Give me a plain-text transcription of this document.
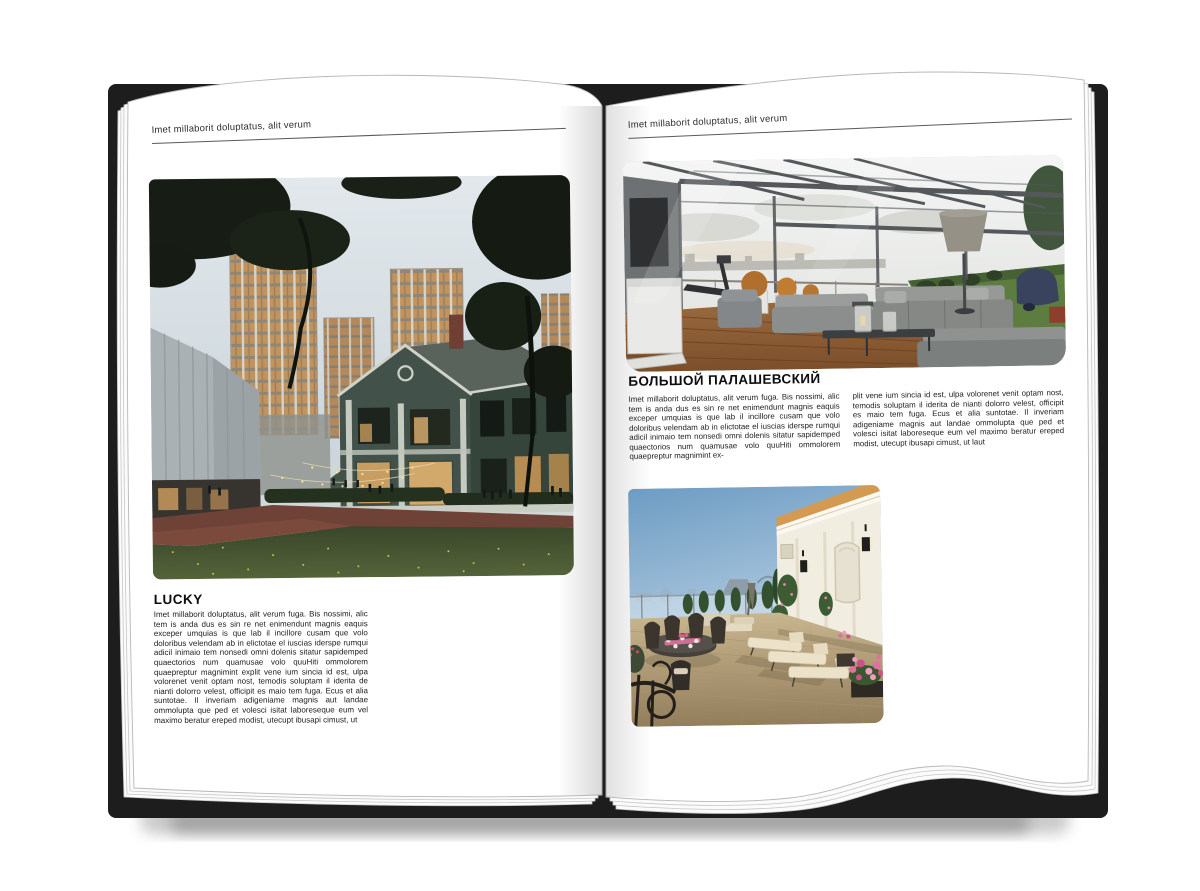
Imet millaborit doluptatus, alit verum
LUCKY

Imet millaborit doluptatus, alit verum fuga. Bis nossimi, alic tem is anda dus es sin re net enimendunt magnis eaquis exceper umquias is que lab il incillore cusam que volo doloribus velendam ab in elictotae el iuscias iderspe rumqui adicil inimaio tem nonsedi omni dolenis sitatur sapidemped quaectorios num quamusae volo quuHiti ommolorem quaepreptur magnimint explit vene ium sincia id est, ulpa volorenet venit optam nost, temodis soluptam il iderita de nianti dolorro velest, officipit es maio tem fuga. Ecus et alia suntotae. Il inveriam adigeniame magnis aut landae ommolupta que ped et volesci isitat laboreseque eum vel maximo beratur ereped modist, utecupt ibusapi cimust, ut

Imet millaborit doluptatus, alit verum
БОЛЬШОЙ ПАЛАШЕВСКИЙ

Imet millaborit doluptatus, alit verum fuga. Bis nossimi, alic tem is anda dus es sin re net enimendunt magnis eaquis exceper umquias is que lab il incillore cusam que volo doloribus velendam ab in elictotae el iuscias iderspe rumqui adicil inimaio tem nonsedi omni dolenis sitatur sapidemped quaectorios num quamusae volo quuHiti ommolorem quaepreptur magnimint ex-

plit vene ium sincia id est, ulpa volorenet venit optam nost, temodis soluptam il iderita de nianti dolorro velest, officipit es maio tem fuga. Ecus et alia suntotae. Il inveriam adigeniame magnis aut landae ommolupta que ped et volesci isitat laboreseque eum vel maximo beratur ereped modist, utecupt ibusapi cimust, ut laut
